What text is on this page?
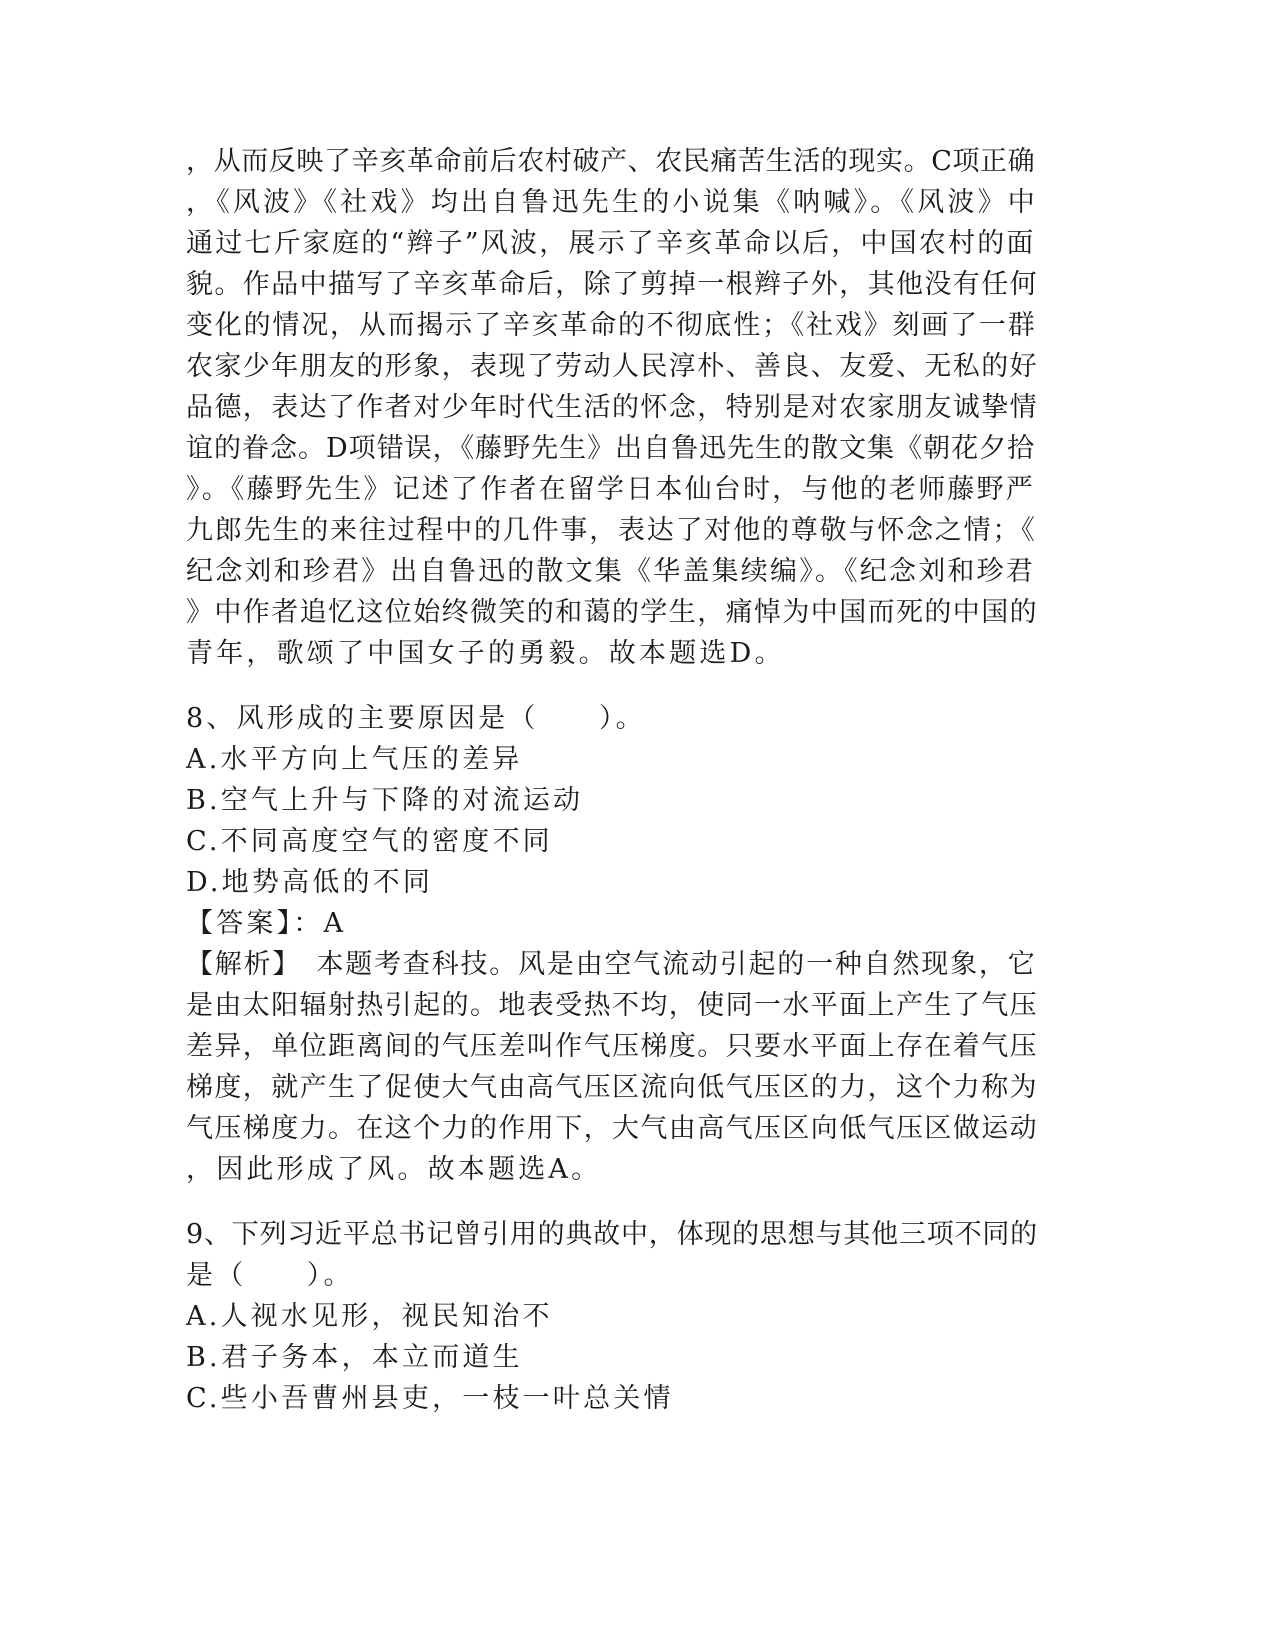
，从而反映了辛亥革命前后农村破产、农民痛苦生活的现实。C项正确
，《风波》《社戏》均出自鲁迅先生的小说集《呐喊》。《风波》中
通过七斤家庭的“辫子”风波，展示了辛亥革命以后，中国农村的面
貌。作品中描写了辛亥革命后，除了剪掉一根辫子外，其他没有任何
变化的情况，从而揭示了辛亥革命的不彻底性；《社戏》刻画了一群
农家少年朋友的形象，表现了劳动人民淳朴、善良、友爱、无私的好
品德，表达了作者对少年时代生活的怀念，特别是对农家朋友诚挚情
谊的眷念。D项错误，《藤野先生》出自鲁迅先生的散文集《朝花夕拾
》。《藤野先生》记述了作者在留学日本仙台时，与他的老师藤野严
九郎先生的来往过程中的几件事，表达了对他的尊敬与怀念之情；《
纪念刘和珍君》出自鲁迅的散文集《华盖集续编》。《纪念刘和珍君
》中作者追忆这位始终微笑的和蔼的学生，痛悼为中国而死的中国的
青年，歌颂了中国女子的勇毅。故本题选D。
8、风形成的主要原因是（　　）。
A.水平方向上气压的差异
B.空气上升与下降的对流运动
C.不同高度空气的密度不同
D.地势高低的不同
【答案】：A
【解析】　本题考查科技。风是由空气流动引起的一种自然现象，它
是由太阳辐射热引起的。地表受热不均，使同一水平面上产生了气压
差异，单位距离间的气压差叫作气压梯度。只要水平面上存在着气压
梯度，就产生了促使大气由高气压区流向低气压区的力，这个力称为
气压梯度力。在这个力的作用下，大气由高气压区向低气压区做运动
，因此形成了风。故本题选A。
9、下列习近平总书记曾引用的典故中，体现的思想与其他三项不同的
是（　　）。
A.人视水见形，视民知治不
B.君子务本，本立而道生
C.些小吾曹州县吏，一枝一叶总关情
